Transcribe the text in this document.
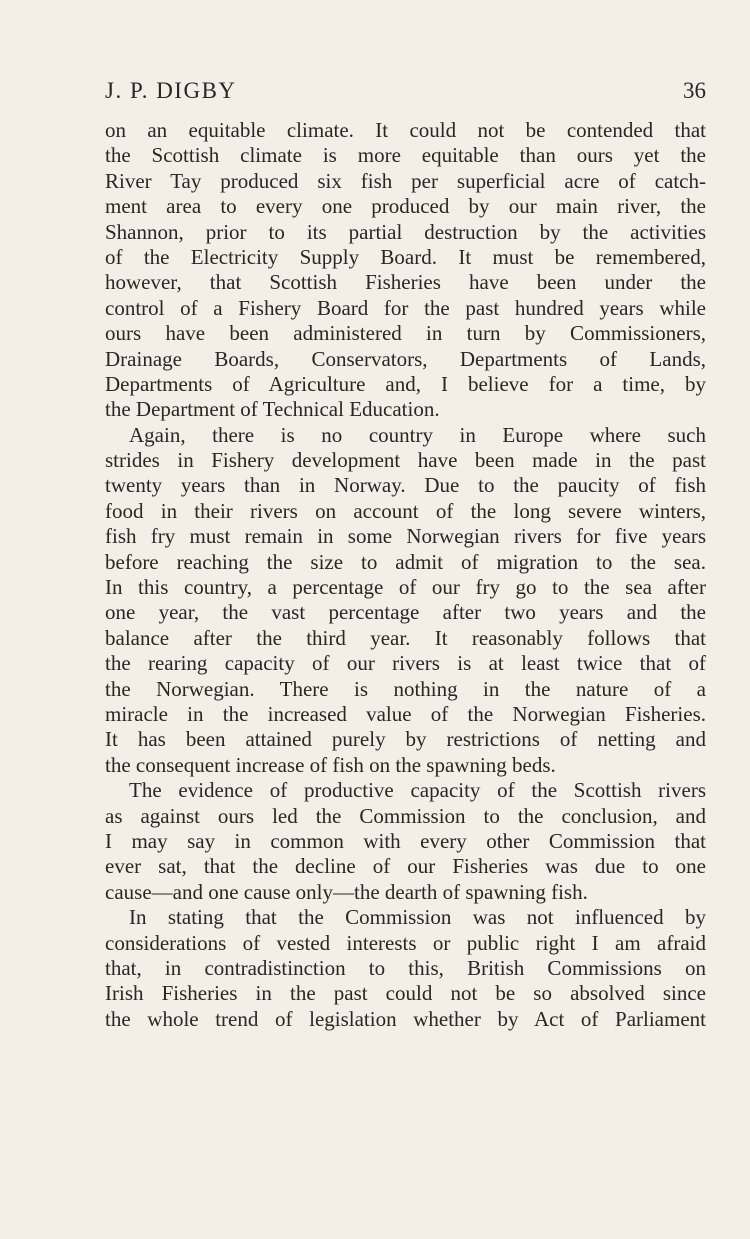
J. P. DIGBY	36
on an equitable climate. It could not be contended that
the Scottish climate is more equitable than ours yet the
River Tay produced six fish per superficial acre of catch-
ment area to every one produced by our main river, the
Shannon, prior to its partial destruction by the activities
of the Electricity Supply Board. It must be remembered,
however, that Scottish Fisheries have been under the
control of a Fishery Board for the past hundred years while
ours have been administered in turn by Commissioners,
Drainage Boards, Conservators, Departments of Lands,
Departments of Agriculture and, I believe for a time, by
the Department of Technical Education.
Again, there is no country in Europe where such
strides in Fishery development have been made in the past
twenty years than in Norway. Due to the paucity of fish
food in their rivers on account of the long severe winters,
fish fry must remain in some Norwegian rivers for five years
before reaching the size to admit of migration to the sea.
In this country, a percentage of our fry go to the sea after
one year, the vast percentage after two years and the
balance after the third year. It reasonably follows that
the rearing capacity of our rivers is at least twice that of
the Norwegian. There is nothing in the nature of a
miracle in the increased value of the Norwegian Fisheries.
It has been attained purely by restrictions of netting and
the consequent increase of fish on the spawning beds.
The evidence of productive capacity of the Scottish rivers
as against ours led the Commission to the conclusion, and
I may say in common with every other Commission that
ever sat, that the decline of our Fisheries was due to one
cause—and one cause only—the dearth of spawning fish.
In stating that the Commission was not influenced by
considerations of vested interests or public right I am afraid
that, in contradistinction to this, British Commissions on
Irish Fisheries in the past could not be so absolved since
the whole trend of legislation whether by Act of Parliament
